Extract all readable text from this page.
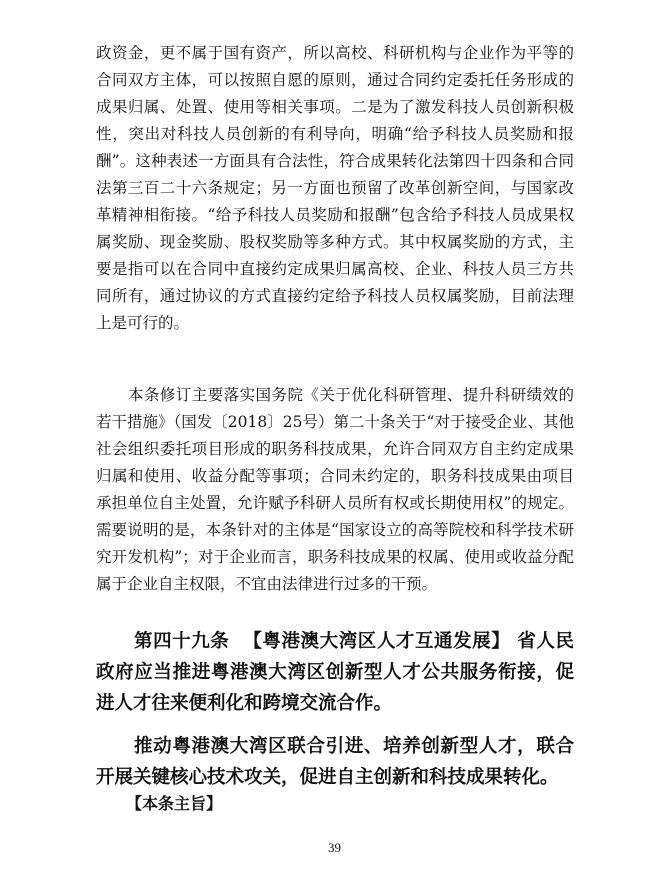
政资金，更不属于国有资产，所以高校、科研机构与企业作为平等的合同双方主体，可以按照自愿的原则，通过合同约定委托任务形成的成果归属、处置、使用等相关事项。二是为了激发科技人员创新积极性，突出对科技人员创新的有利导向，明确“给予科技人员奖励和报酬”。这种表述一方面具有合法性，符合成果转化法第四十四条和合同法第三百二十六条规定；另一方面也预留了改革创新空间，与国家改革精神相衔接。“给予科技人员奖励和报酬”包含给予科技人员成果权属奖励、现金奖励、股权奖励等多种方式。其中权属奖励的方式，主要是指可以在合同中直接约定成果归属高校、企业、科技人员三方共同所有，通过协议的方式直接约定给予科技人员权属奖励，目前法理上是可行的。

本条修订主要落实国务院《关于优化科研管理、提升科研绩效的若干措施》（国发〔2018〕25号）第二十条关于“对于接受企业、其他社会组织委托项目形成的职务科技成果，允许合同双方自主约定成果归属和使用、收益分配等事项；合同未约定的，职务科技成果由项目承担单位自主处置，允许赋予科研人员所有权或长期使用权”的规定。需要说明的是，本条针对的主体是“国家设立的高等院校和科学技术研究开发机构”；对于企业而言，职务科技成果的权属、使用或收益分配属于企业自主权限，不宜由法律进行过多的干预。

第四十九条 【粤港澳大湾区人才互通发展】 省人民政府应当推进粤港澳大湾区创新型人才公共服务衔接，促进人才往来便利化和跨境交流合作。

推动粤港澳大湾区联合引进、培养创新型人才，联合开展关键核心技术攻关，促进自主创新和科技成果转化。

【本条主旨】

39
